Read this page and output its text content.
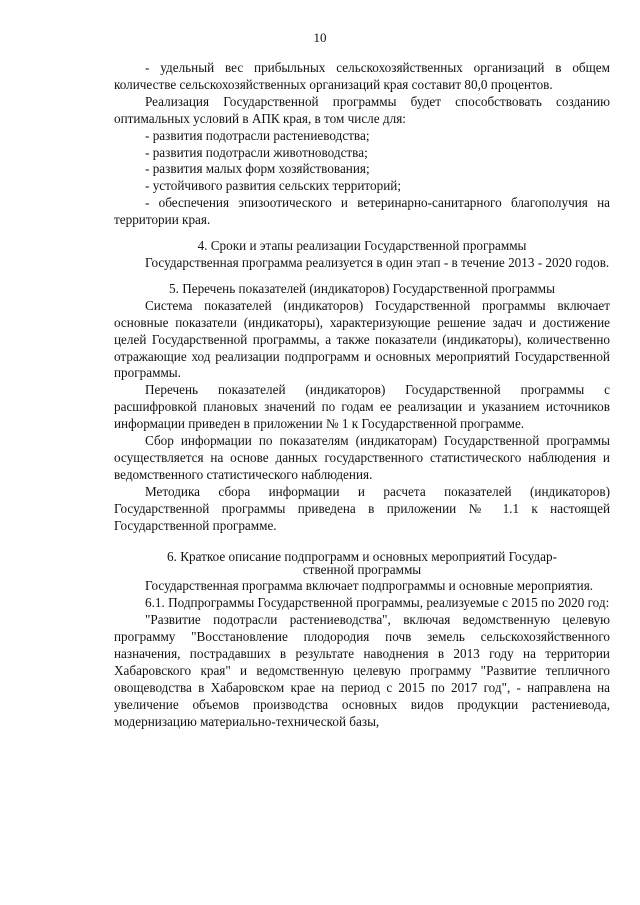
10

- удельный вес прибыльных сельскохозяйственных организаций в общем количестве сельскохозяйственных организаций края составит 80,0 процентов.

Реализация Государственной программы будет способствовать созданию оптимальных условий в АПК края, в том числе для:

- развития подотрасли растениеводства;

- развития подотрасли животноводства;

- развития малых форм хозяйствования;

- устойчивого развития сельских территорий;

- обеспечения эпизоотического и ветеринарно-санитарного благополучия на территории края.

4. Сроки и этапы реализации Государственной программы

Государственная программа реализуется в один этап - в течение 2013 - 2020 годов.

5. Перечень показателей (индикаторов) Государственной программы

Система показателей (индикаторов) Государственной программы включает основные показатели (индикаторы), характеризующие решение задач и достижение целей Государственной программы, а также показатели (индикаторы), количественно отражающие ход реализации подпрограмм и основных мероприятий Государственной программы.

Перечень показателей (индикаторов) Государственной программы с расшифровкой плановых значений по годам ее реализации и указанием источников информации приведен в приложении № 1 к Государственной программе.

Сбор информации по показателям (индикаторам) Государственной программы осуществляется на основе данных государственного статистического наблюдения и ведомственного статистического наблюдения.

Методика сбора информации и расчета показателей (индикаторов) Государственной программы приведена в приложении № 1.1 к настоящей Государственной программе.

6. Краткое описание подпрограмм и основных мероприятий Государ-
ственной программы

Государственная программа включает подпрограммы и основные мероприятия.

6.1. Подпрограммы Государственной программы, реализуемые с 2015 по 2020 год:

"Развитие подотрасли растениеводства", включая ведомственную целевую программу "Восстановление плодородия почв земель сельскохозяйственного назначения, пострадавших в результате наводнения в 2013 году на территории Хабаровского края" и ведомственную целевую программу "Развитие тепличного овощеводства в Хабаровском крае на период с 2015 по 2017 год", - направлена на увеличение объемов производства основных видов продукции растениевода, модернизацию материально-технической базы,
